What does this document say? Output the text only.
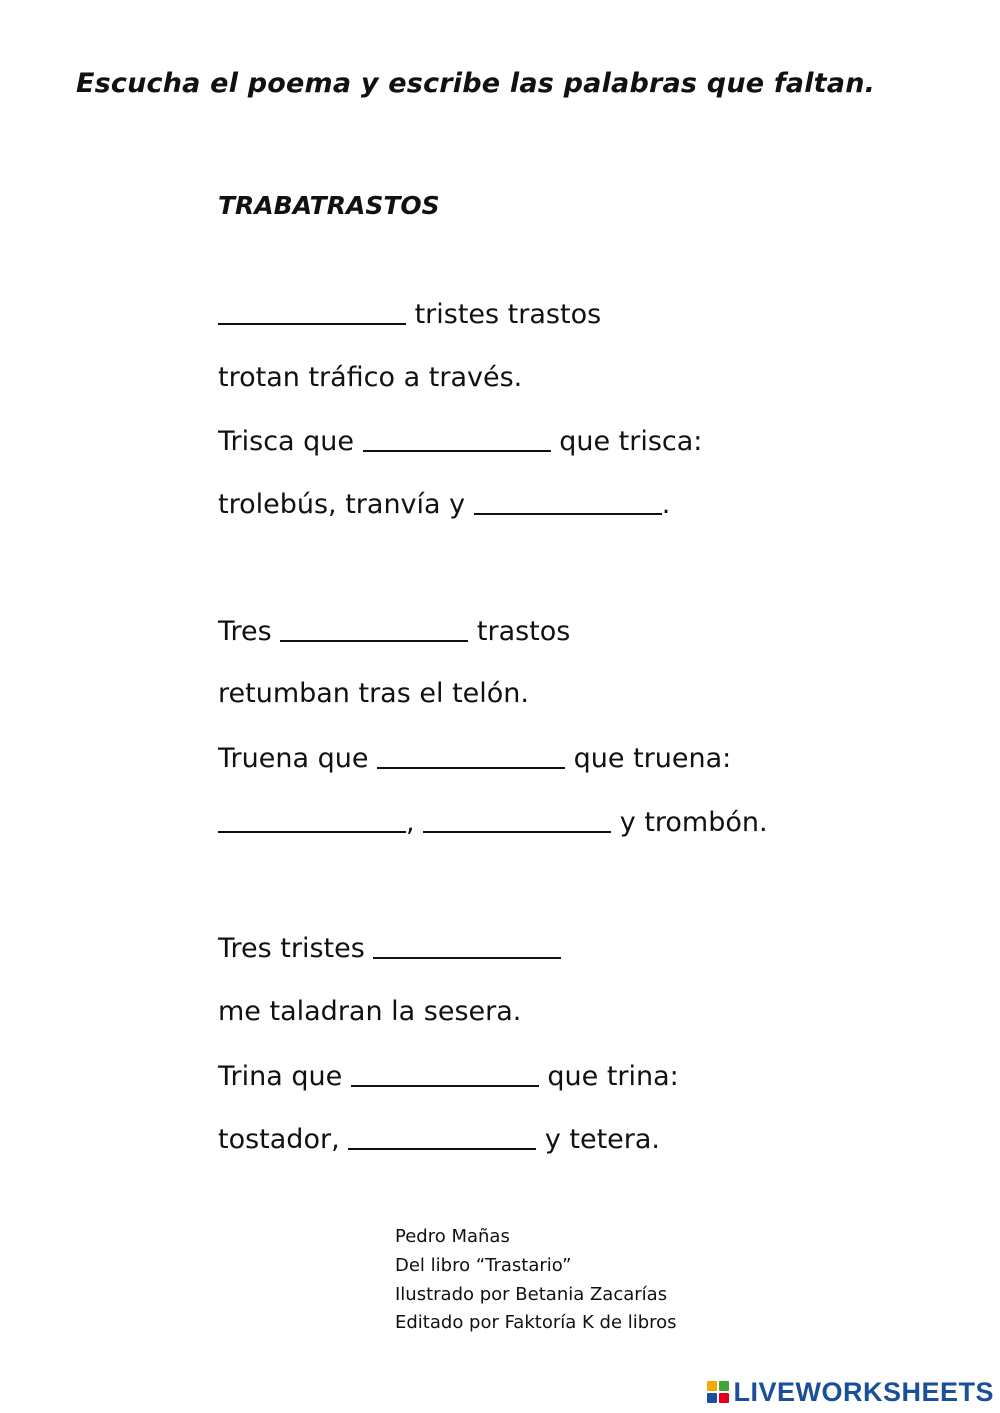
Escucha el poema y escribe las palabras que faltan.
TRABATRASTOS
tristes trastos
trotan tráfico a través.
Trisca que	que trisca:
trolebús, tranvía y	.
Tres	trastos
retumban tras el telón.
Truena que	que truena:
,	y trombón.
Tres tristes
me taladran la sesera.
Trina que	que trina:
tostador,	y tetera.
Pedro Mañas
Del libro “Trastario”
Ilustrado por Betania Zacarías
Editado por Faktoría K de libros
LIVEWORKSHEETS
